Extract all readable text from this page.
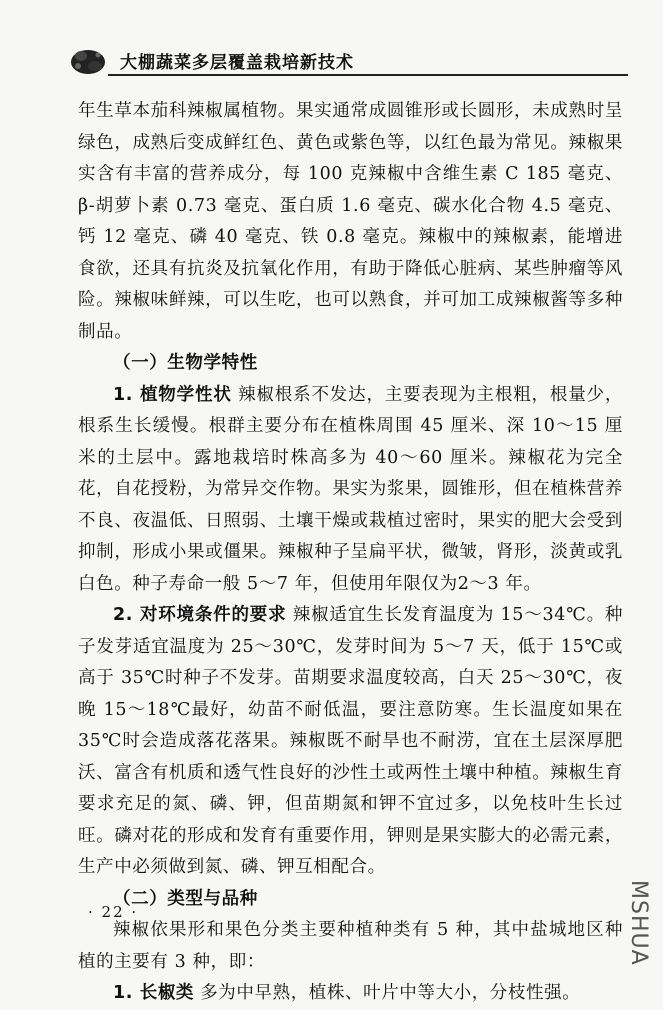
大棚蔬菜多层覆盖栽培新技术

年生草本茄科辣椒属植物。果实通常成圆锥形或长圆形，未成熟时呈绿色，成熟后变成鲜红色、黄色或紫色等，以红色最为常见。辣椒果实含有丰富的营养成分，每 100 克辣椒中含维生素 C 185 毫克、β-胡萝卜素 0.73 毫克、蛋白质 1.6 毫克、碳水化合物 4.5 毫克、钙 12 毫克、磷 40 毫克、铁 0.8 毫克。辣椒中的辣椒素，能增进食欲，还具有抗炎及抗氧化作用，有助于降低心脏病、某些肿瘤等风险。辣椒味鲜辣，可以生吃，也可以熟食，并可加工成辣椒酱等多种制品。

（一）生物学特性

1. 植物学性状 辣椒根系不发达，主要表现为主根粗，根量少，根系生长缓慢。根群主要分布在植株周围 45 厘米、深 10～15 厘米的土层中。露地栽培时株高多为 40～60 厘米。辣椒花为完全花，自花授粉，为常异交作物。果实为浆果，圆锥形，但在植株营养不良、夜温低、日照弱、土壤干燥或栽植过密时，果实的肥大会受到抑制，形成小果或僵果。辣椒种子呈扁平状，微皱，肾形，淡黄或乳白色。种子寿命一般 5～7 年，但使用年限仅为2～3 年。

2. 对环境条件的要求 辣椒适宜生长发育温度为 15～34℃。种子发芽适宜温度为 25～30℃，发芽时间为 5～7 天，低于 15℃或高于 35℃时种子不发芽。苗期要求温度较高，白天 25～30℃，夜晚 15～18℃最好，幼苗不耐低温，要注意防寒。生长温度如果在 35℃时会造成落花落果。辣椒既不耐旱也不耐涝，宜在土层深厚肥沃、富含有机质和透气性良好的沙性土或两性土壤中种植。辣椒生育要求充足的氮、磷、钾，但苗期氮和钾不宜过多，以免枝叶生长过旺。磷对花的形成和发育有重要作用，钾则是果实膨大的必需元素，生产中必须做到氮、磷、钾互相配合。

（二）类型与品种

辣椒依果形和果色分类主要种植种类有 5 种，其中盐城地区种植的主要有 3 种，即：

1. 长椒类 多为中早熟，植株、叶片中等大小，分枝性强。

· 22 ·	MSHUA
